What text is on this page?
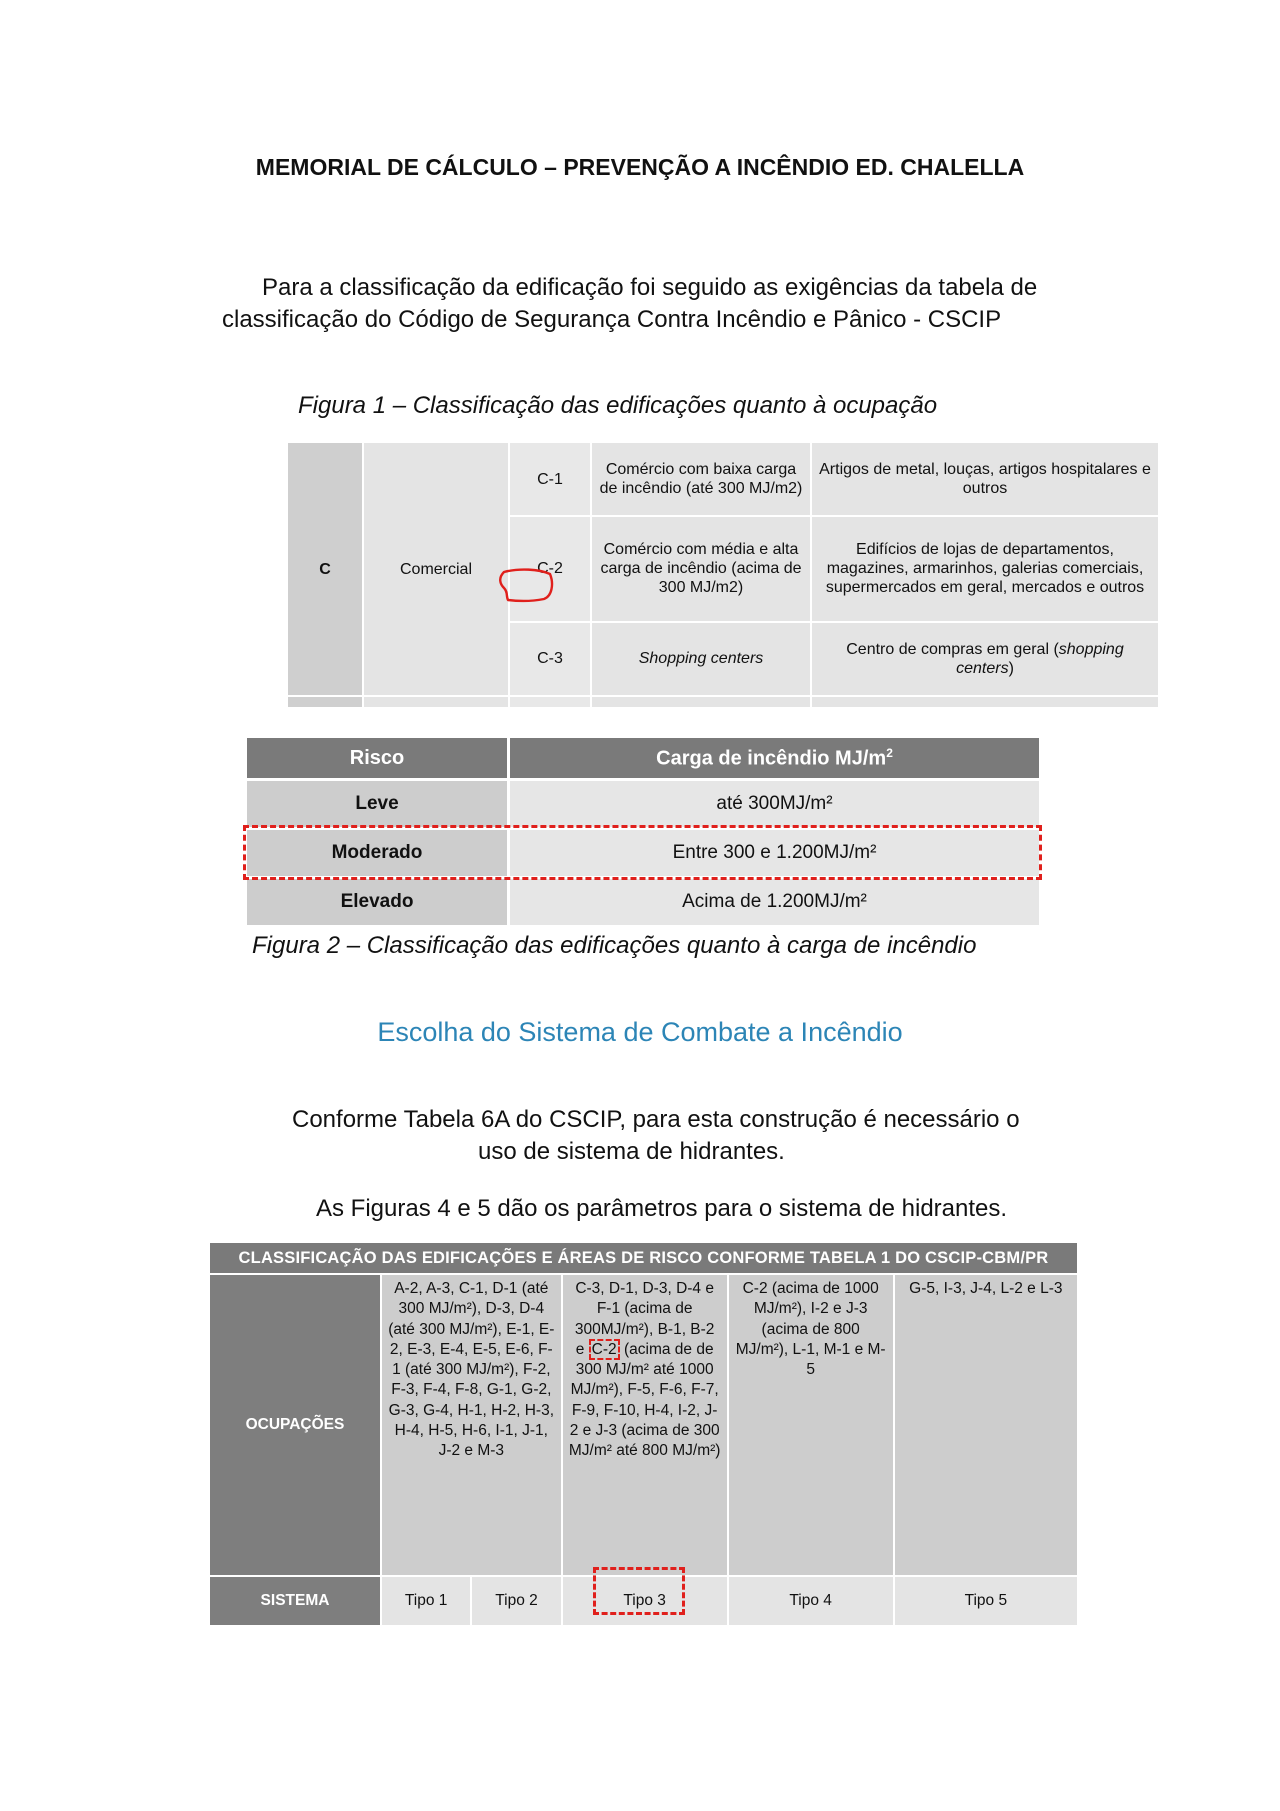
MEMORIAL DE CÁLCULO – PREVENÇÃO A INCÊNDIO ED. CHALELLA
Para a classificação da edificação foi seguido as exigências da tabela de
classificação do Código de Segurança Contra Incêndio e Pânico - CSCIP
Figura 1 – Classificação das edificações quanto à ocupação
C	Comercial	C-1	Comércio com baixa carga de incêndio (até 300 MJ/m2)	Artigos de metal, louças, artigos hospitalares e outros
		C-2	Comércio com média e alta carga de incêndio (acima de 300 MJ/m2)	Edifícios de lojas de departamentos, magazines, armarinhos, galerias comerciais, supermercados em geral, mercados e outros
		C-3	Shopping centers	Centro de compras em geral (shopping centers)

Risco	Carga de incêndio $MJ/m^2$
Leve	até 300MJ/m²
Moderado	Entre 300 e 1.200MJ/m²
Elevado	Acima de 1.200MJ/m²
Figura 2 – Classificação das edificações quanto à carga de incêndio
Escolha do Sistema de Combate a Incêndio
Conforme Tabela 6A do CSCIP, para esta construção é necessário o
uso de sistema de hidrantes.
As Figuras 4 e 5 dão os parâmetros para o sistema de hidrantes.
CLASSIFICAÇÃO DAS EDIFICAÇÕES E ÁREAS DE RISCO CONFORME TABELA 1 DO CSCIP-CBM/PR					
OCUPAÇÕES	A-2, A-3, C-1, D-1 (até 300 MJ/m²), D-3, D-4 (até 300 MJ/m²), E-1, E-2, E-3, E-4, E-5, E-6, F-1 (até 300 MJ/m²), F-2, F-3, F-4, F-8, G-1, G-2, G-3, G-4, H-1, H-2, H-3, H-4, H-5, H-6, I-1, J-1, J-2 e M-3		C-3, D-1, D-3, D-4 e F-1 (acima de 300MJ/m²), B-1, B-2 e C-2 (acima de de 300 MJ/m² até 1000 MJ/m²), F-5, F-6, F-7, F-9, F-10, H-4, I-2, J-2 e J-3 (acima de 300 MJ/m² até 800 MJ/m²)	C-2 (acima de 1000 MJ/m²), I-2 e J-3 (acima de 800 MJ/m²), L-1, M-1 e M-5	G-5, I-3, J-4, L-2 e L-3
SISTEMA	Tipo 1	Tipo 2	Tipo 3	Tipo 4	Tipo 5
